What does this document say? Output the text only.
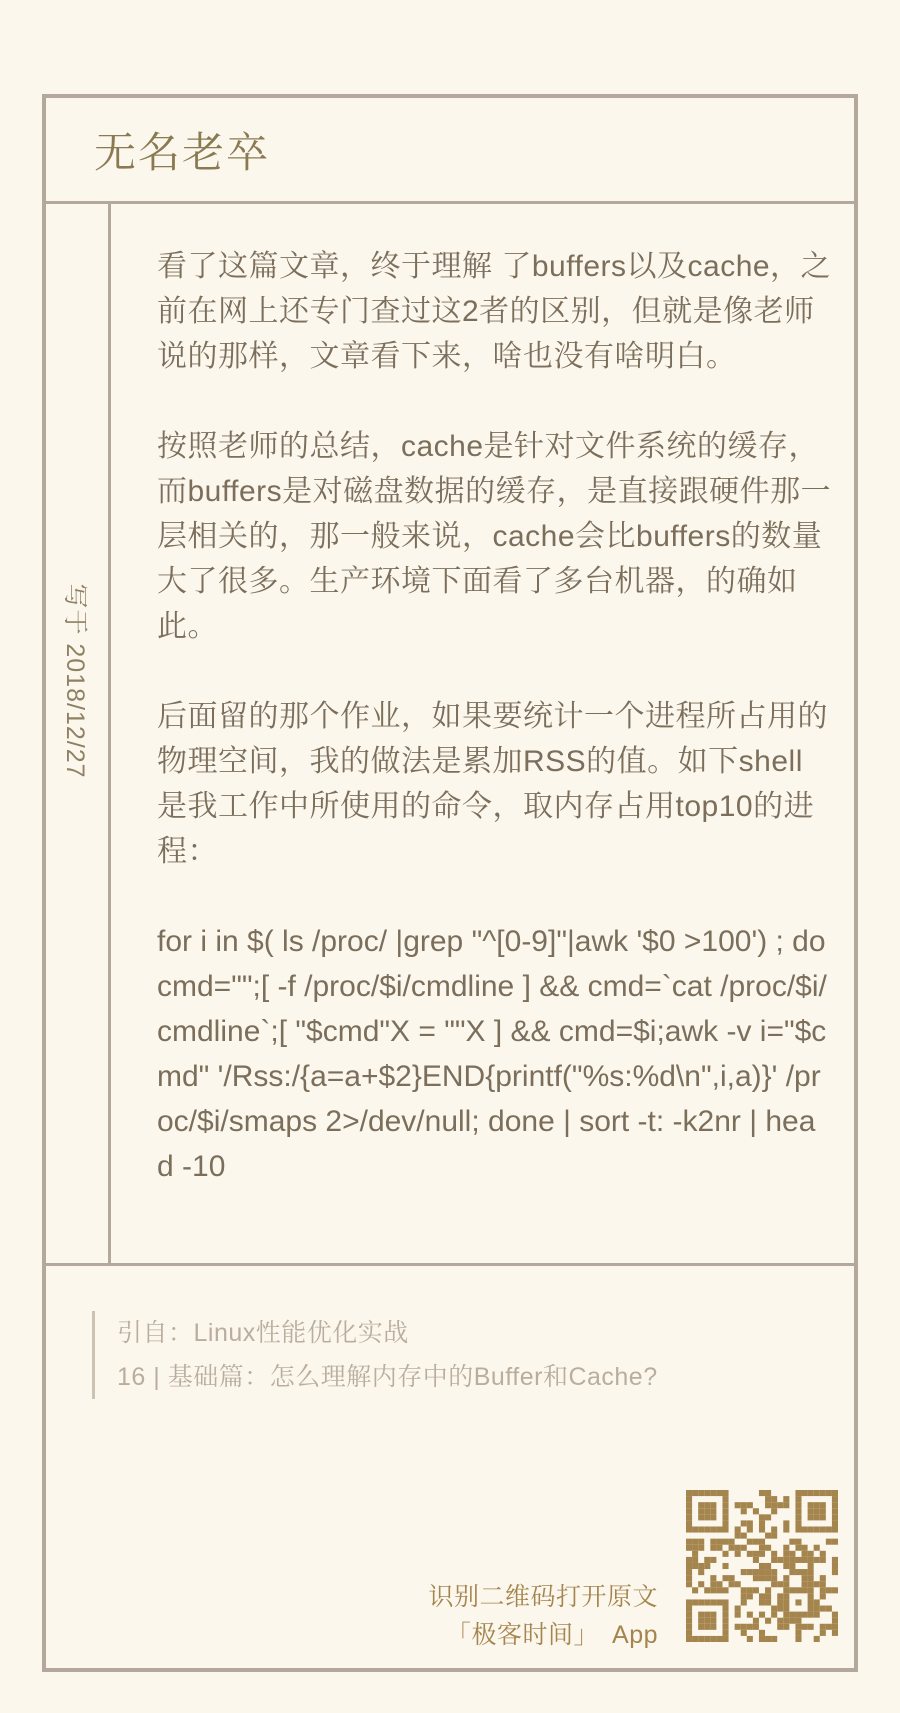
无名老卒
写于 2018/12/27

看了这篇文章，终于理解 了buffers以及cache，之前在网上还专门查过这2者的区别，但就是像老师说的那样，文章看下来，啥也没有啥明白。

按照老师的总结，cache是针对文件系统的缓存，而buffers是对磁盘数据的缓存，是直接跟硬件那一层相关的，那一般来说，cache会比buffers的数量大了很多。生产环境下面看了多台机器，的确如此。

后面留的那个作业，如果要统计一个进程所占用的物理空间，我的做法是累加RSS的值。如下shell是我工作中所使用的命令，取内存占用top10的进程：

for i in $( ls /proc/ |grep "^[0-9]"|awk '$0 >100') ; do cmd="";[ -f /proc/$i/cmdline ] && cmd=`cat /proc/$i/cmdline`;[ "$cmd"X = ""X ] && cmd=$i;awk -v i="$cmd" '/Rss:/{a=a+$2}END{printf("%s:%d\n",i,a)}' /proc/$i/smaps 2>/dev/null; done | sort -t: -k2nr | head -10

引自：Linux性能优化实战
16 | 基础篇：怎么理解内存中的Buffer和Cache?
识别二维码打开原文
「极客时间」　App
